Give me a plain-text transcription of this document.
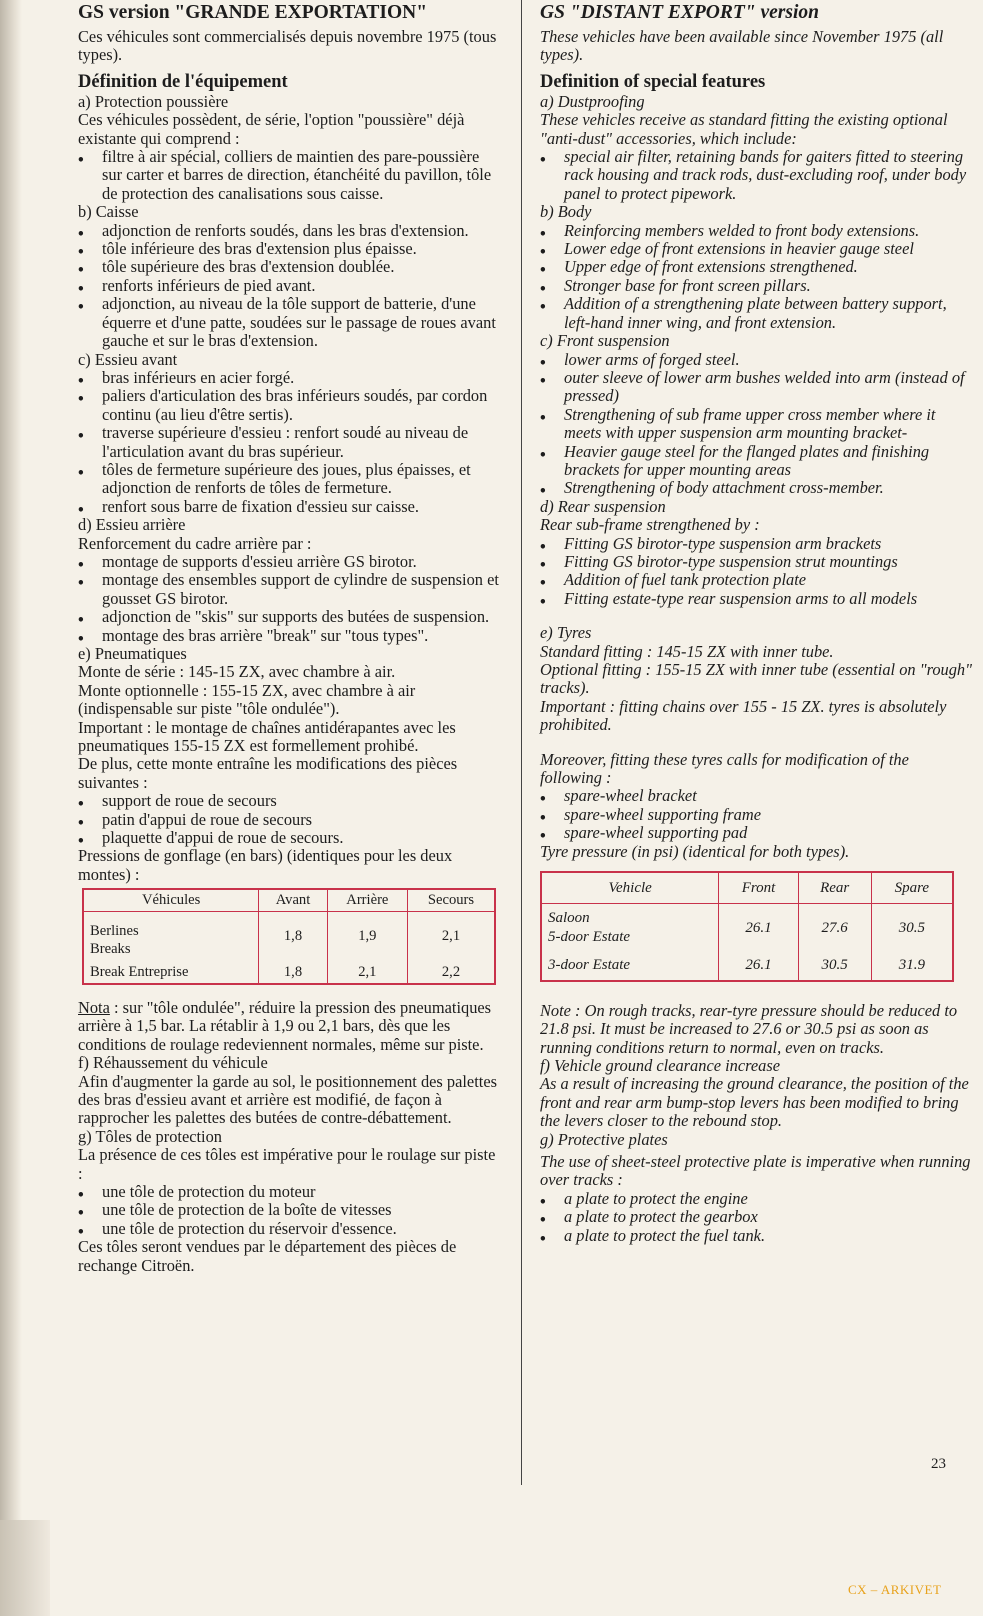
GS version "GRANDE EXPORTATION"

Ces véhicules sont commercialisés depuis novembre 1975 (tous types).

Définition de l'équipement

a) Protection poussière

Ces véhicules possèdent, de série, l'option "poussière" déjà existante qui comprend :

• filtre à air spécial, colliers de maintien des pare-poussière sur carter et barres de direction, étanchéité du pavillon, tôle de protection des canalisations sous caisse.

b) Caisse

• adjonction de renforts soudés, dans les bras d'extension.
• tôle inférieure des bras d'extension plus épaisse.
• tôle supérieure des bras d'extension doublée.
• renforts inférieurs de pied avant.
• adjonction, au niveau de la tôle support de batterie, d'une équerre et d'une patte, soudées sur le passage de roues avant gauche et sur le bras d'extension.

c) Essieu avant

• bras inférieurs en acier forgé.
• paliers d'articulation des bras inférieurs soudés, par cordon continu (au lieu d'être sertis).
• traverse supérieure d'essieu : renfort soudé au niveau de l'articulation avant du bras supérieur.
• tôles de fermeture supérieure des joues, plus épaisses, et adjonction de renforts de tôles de fermeture.
• renfort sous barre de fixation d'essieu sur caisse.

d) Essieu arrière

Renforcement du cadre arrière par :

• montage de supports d'essieu arrière GS birotor.
• montage des ensembles support de cylindre de suspension et gousset GS birotor.
• adjonction de "skis" sur supports des butées de suspension.
• montage des bras arrière "break" sur "tous types".

e) Pneumatiques

Monte de série : 145-15 ZX, avec chambre à air.

Monte optionnelle : 155-15 ZX, avec chambre à air (indispensable sur piste "tôle ondulée").

Important : le montage de chaînes antidérapantes avec les pneumatiques 155-15 ZX est formellement prohibé.

De plus, cette monte entraîne les modifications des pièces suivantes :

• support de roue de secours
• patin d'appui de roue de secours
• plaquette d'appui de roue de secours.

Pressions de gonflage (en bars) (identiques pour les deux montes) :

Véhicules	Avant	Arrière	Secours

Berlines
Breaks	1,8	1,9	2,1
Break Entreprise	1,8	2,1	2,2

Nota : sur "tôle ondulée", réduire la pression des pneumatiques arrière à 1,5 bar. La rétablir à 1,9 ou 2,1 bars, dès que les conditions de roulage redeviennent normales, même sur piste.

f) Réhaussement du véhicule

Afin d'augmenter la garde au sol, le positionnement des palettes des bras d'essieu avant et arrière est modifié, de façon à rapprocher les palettes des butées de contre-débattement.

g) Tôles de protection

La présence de ces tôles est impérative pour le roulage sur piste :

• une tôle de protection du moteur
• une tôle de protection de la boîte de vitesses
• une tôle de protection du réservoir d'essence.

Ces tôles seront vendues par le département des pièces de rechange Citroën.

GS "DISTANT EXPORT" version

These vehicles have been available since November 1975 (all types).

Definition of special features

a) Dustproofing

These vehicles receive as standard fitting the existing optional "anti-dust" accessories, which include:

• special air filter, retaining bands for gaiters fitted to steering rack housing and track rods, dust-excluding roof, under body panel to protect pipework.

b) Body

• Reinforcing members welded to front body extensions.
• Lower edge of front extensions in heavier gauge steel
• Upper edge of front extensions strengthened.
• Stronger base for front screen pillars.
• Addition of a strengthening plate between battery support, left-hand inner wing, and front extension.

c) Front suspension

• lower arms of forged steel.
• outer sleeve of lower arm bushes welded into arm (instead of pressed)
• Strengthening of sub frame upper cross member where it meets with upper suspension arm mounting bracket-
• Heavier gauge steel for the flanged plates and finishing brackets for upper mounting areas
• Strengthening of body attachment cross-member.

d) Rear suspension

Rear sub-frame strengthened by :

• Fitting GS birotor-type suspension arm brackets
• Fitting GS birotor-type suspension strut mountings
• Addition of fuel tank protection plate
• Fitting estate-type rear suspension arms to all models

e) Tyres

Standard fitting : 145-15 ZX with inner tube.

Optional fitting : 155-15 ZX with inner tube (essential on "rough" tracks).

Important : fitting chains over 155 - 15 ZX. tyres is absolutely prohibited.

Moreover, fitting these tyres calls for modification of the following :

• spare-wheel bracket
• spare-wheel supporting frame
• spare-wheel supporting pad

Tyre pressure (in psi) (identical for both types).

Vehicle	Front	Rear	Spare

Saloon
5-door Estate	26.1	27.6	30.5
3-door Estate	26.1	30.5	31.9

Note : On rough tracks, rear-tyre pressure should be reduced to 21.8 psi. It must be increased to 27.6 or 30.5 psi as soon as running conditions return to normal, even on tracks.

f) Vehicle ground clearance increase

As a result of increasing the ground clearance, the position of the front and rear arm bump-stop levers has been modified to bring the levers closer to the rebound stop.

g) Protective plates

The use of sheet-steel protective plate is imperative when running over tracks :

• a plate to protect the engine
• a plate to protect the gearbox
• a plate to protect the fuel tank.
23
CX – ARKIVET
